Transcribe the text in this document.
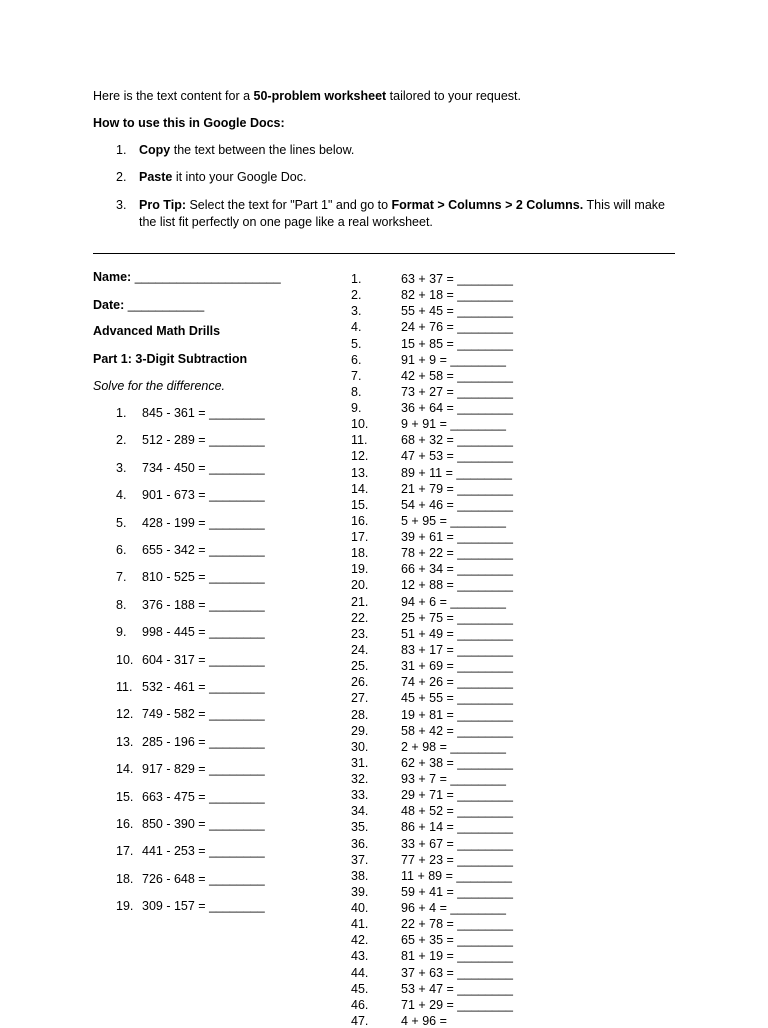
Here is the text content for a 50-problem worksheet tailored to your request.
How to use this in Google Docs:
1. Copy the text between the lines below.
2. Paste it into your Google Doc.
3. Pro Tip: Select the text for "Part 1" and go to Format > Columns > 2 Columns. This will make
the list fit perfectly on one page like a real worksheet.
Name: _____________________
Date: ___________
Advanced Math Drills
Part 1: 3-Digit Subtraction
Solve for the difference.
1. 845 - 361 = ________
2. 512 - 289 = ________
3. 734 - 450 = ________
4. 901 - 673 = ________
5. 428 - 199 = ________
6. 655 - 342 = ________
7. 810 - 525 = ________
8. 376 - 188 = ________
9. 998 - 445 = ________
10. 604 - 317 = ________
11. 532 - 461 = ________
12. 749 - 582 = ________
13. 285 - 196 = ________
14. 917 - 829 = ________
15. 663 - 475 = ________
16. 850 - 390 = ________
17. 441 - 253 = ________
18. 726 - 648 = ________
19. 309 - 157 = ________
1.	63 + 37 = ________
2.	82 + 18 = ________
3.	55 + 45 = ________
4.	24 + 76 = ________
5.	15 + 85 = ________
6.	91 + 9 = ________
7.	42 + 58 = ________
8.	73 + 27 = ________
9.	36 + 64 = ________
10.	9 + 91 = ________
11.	68 + 32 = ________
12.	47 + 53 = ________
13.	89 + 11 = ________
14.	21 + 79 = ________
15.	54 + 46 = ________
16.	5 + 95 = ________
17.	39 + 61 = ________
18.	78 + 22 = ________
19.	66 + 34 = ________
20.	12 + 88 = ________
21.	94 + 6 = ________
22.	25 + 75 = ________
23.	51 + 49 = ________
24.	83 + 17 = ________
25.	31 + 69 = ________
26.	74 + 26 = ________
27.	45 + 55 = ________
28.	19 + 81 = ________
29.	58 + 42 = ________
30.	2 + 98 = ________
31.	62 + 38 = ________
32.	93 + 7 = ________
33.	29 + 71 = ________
34.	48 + 52 = ________
35.	86 + 14 = ________
36.	33 + 67 = ________
37.	77 + 23 = ________
38.	11 + 89 = ________
39.	59 + 41 = ________
40.	96 + 4 = ________
41.	22 + 78 = ________
42.	65 + 35 = ________
43.	81 + 19 = ________
44.	37 + 63 = ________
45.	53 + 47 = ________
46.	71 + 29 = ________
47.	4 + 96 =
